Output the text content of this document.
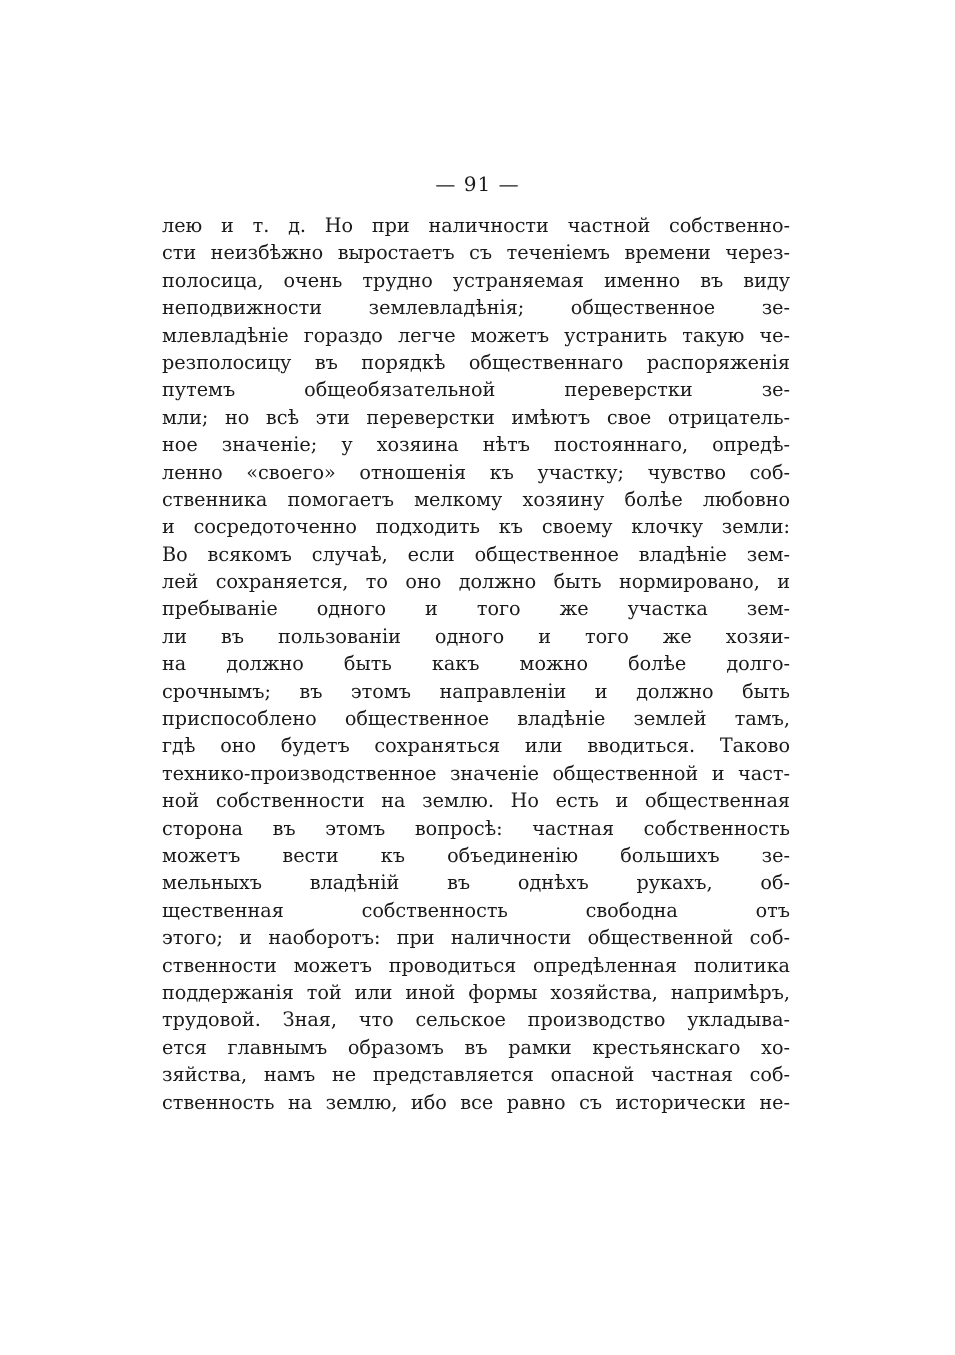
— 91 —
лею и т. д. Но при наличности частной собственно-
сти неизбѣжно выростаетъ съ теченіемъ времени через-
полосица, очень трудно устраняемая именно въ виду
неподвижности землевладѣнія; общественное зе-
млевладѣніе гораздо легче можетъ устранить такую че-
резполосицу въ порядкѣ общественнаго распоряженія
путемъ общеобязательной переверстки зе-
мли; но всѣ эти переверстки имѣютъ свое отрицатель-
ное значеніе; у хозяина нѣтъ постояннаго, опредѣ-
ленно «своего» отношенія къ участку; чувство соб-
ственника помогаетъ мелкому хозяину болѣе любовно
и сосредоточенно подходить къ своему клочку земли:
Во всякомъ случаѣ, если общественное владѣніе зем-
лей сохраняется, то оно должно быть нормировано, и
пребываніе одного и того же участка зем-
ли въ пользованіи одного и того же хозяи-
на должно быть какъ можно болѣе долго-
срочнымъ; въ этомъ направленіи и должно быть
приспособлено общественное владѣніе землей тамъ,
гдѣ оно будетъ сохраняться или вводиться. Таково
технико-производственное значеніе общественной и част-
ной собственности на землю. Но есть и общественная
сторона въ этомъ вопросѣ: частная собственность
можетъ вести къ объединенію большихъ зе-
мельныхъ владѣній въ однѣхъ рукахъ, об-
щественная собственность свободна отъ
этого; и наоборотъ: при наличности общественной соб-
ственности можетъ проводиться опредѣленная политика
поддержанія той или иной формы хозяйства, напримѣръ,
трудовой. Зная, что сельское производство укладыва-
ется главнымъ образомъ въ рамки крестьянскаго хо-
зяйства, намъ не представляется опасной частная соб-
ственность на землю, ибо все равно съ исторически не-
